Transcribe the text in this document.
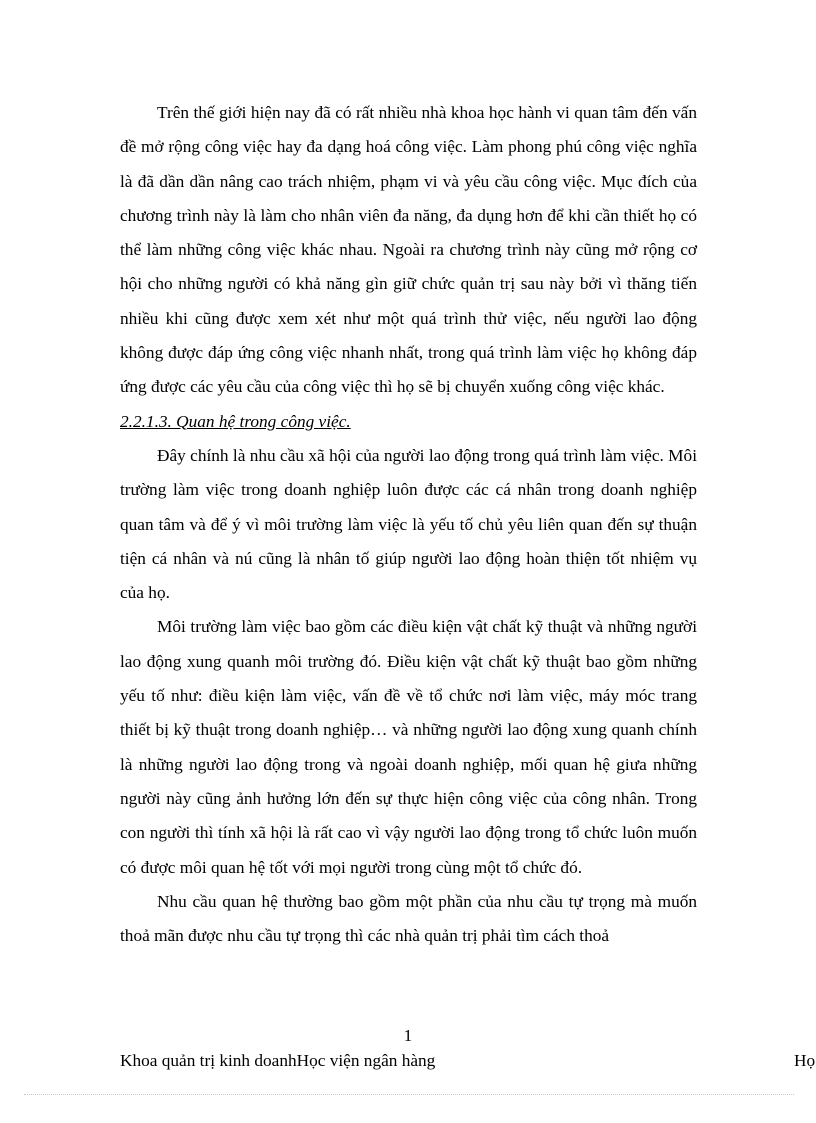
Trên thế giới hiện nay đã có rất nhiều nhà khoa học hành vi quan tâm đến vấn đề mở rộng công việc hay đa dạng hoá công việc. Làm phong phú công việc nghĩa là đã dần dần nâng cao trách nhiệm, phạm vi và yêu cầu công việc. Mục đích của chương trình này là làm cho nhân viên đa năng, đa dụng hơn để khi cần thiết họ có thể làm những công việc khác nhau. Ngoài ra chương trình này cũng mở rộng cơ hội cho những người có khả năng gìn giữ chức quản trị sau này bởi vì thăng tiến nhiều khi cũng được xem xét như một quá trình thử việc, nếu người lao động không được đáp ứng công việc nhanh nhất, trong quá trình làm việc họ không đáp ứng được các yêu cầu của công việc thì họ sẽ bị chuyển xuống công việc khác.

2.2.1.3. Quan hệ trong công việc.

Đây chính là nhu cầu xã hội của người lao động trong quá trình làm việc. Môi trường làm việc trong doanh nghiệp luôn được các cá nhân trong doanh nghiệp quan tâm và để ý vì môi trường làm việc là yếu tố chủ yêu liên quan đến sự thuận tiện cá nhân và nú cũng là nhân tố giúp người lao động hoàn thiện tốt nhiệm vụ của họ.

Môi trường làm việc bao gồm các điều kiện vật chất kỹ thuật và những người lao động xung quanh môi trường đó. Điều kiện vật chất kỹ thuật bao gồm những yếu tố như: điều kiện làm việc, vấn đề về tổ chức nơi làm việc, máy móc trang thiết bị kỹ thuật trong doanh nghiệp… và những người lao động xung quanh chính là những người lao động trong và ngoài doanh nghiệp, mối quan hệ giưa những người này cũng ảnh hưởng lớn đến sự thực hiện công việc của công nhân. Trong con người thì tính xã hội là rất cao vì vậy người lao động trong tổ chức luôn muốn có được môi quan hệ tốt với mọi người trong cùng một tổ chức đó.

Nhu cầu quan hệ thường bao gồm một phần của nhu cầu tự trọng mà muốn thoả mãn được nhu cầu tự trọng thì các nhà quản trị phải tìm cách thoả

1
Khoa quản trị kinh doanhHọc viện ngân hàng	Họ
